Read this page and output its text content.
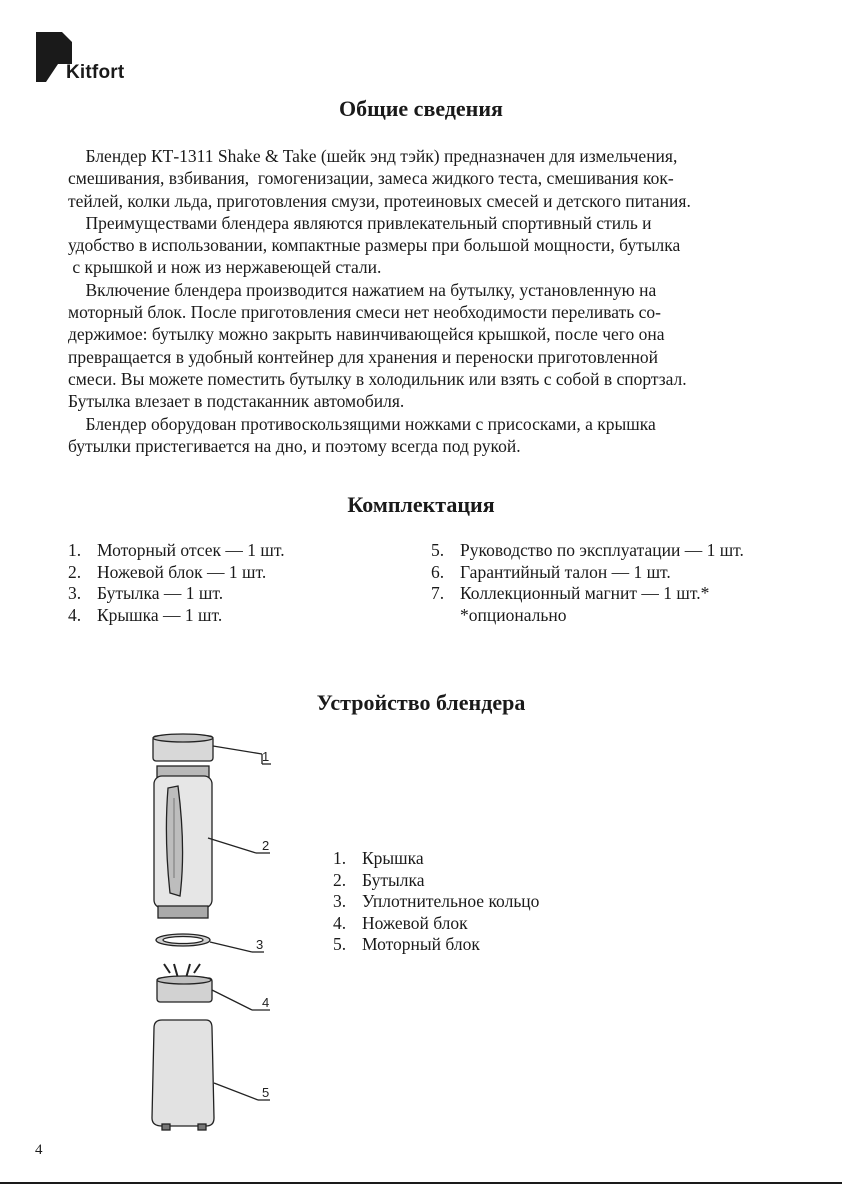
Kitfort
Общие сведения
Блендер КТ-1311 Shake & Take (шейк энд тэйк) предназначен для измельчения,
смешивания, взбивания,  гомогенизации, замеса жидкого теста, смешивания кок-
тейлей, колки льда, приготовления смузи, протеиновых смесей и детского питания.
Преимуществами блендера являются привлекательный спортивный стиль и
удобство в использовании, компактные размеры при большой мощности, бутылка
с крышкой и нож из нержавеющей стали.
Включение блендера производится нажатием на бутылку, установленную на
моторный блок. После приготовления смеси нет необходимости переливать со-
держимое: бутылку можно закрыть навинчивающейся крышкой, после чего она
превращается в удобный контейнер для хранения и переноски приготовленной
смеси. Вы можете поместить бутылку в холодильник или взять с собой в спортзал.
Бутылка влезает в подстаканник автомобиля.
Блендер оборудован противоскользящими ножками с присосками, а крышка
бутылки пристегивается на дно, и поэтому всегда под рукой.
Комплектация
1. Моторный отсек — 1 шт.
2. Ножевой блок — 1 шт.
3. Бутылка — 1 шт.
4. Крышка — 1 шт.
5. Руководство по эксплуатации — 1 шт.
6. Гарантийный талон — 1 шт.
7. Коллекционный магнит — 1 шт.*
*опционально
Устройство блендера
1
2
3
4
5
1. Крышка
2. Бутылка
3. Уплотнительное кольцо
4. Ножевой блок
5. Моторный блок
4
